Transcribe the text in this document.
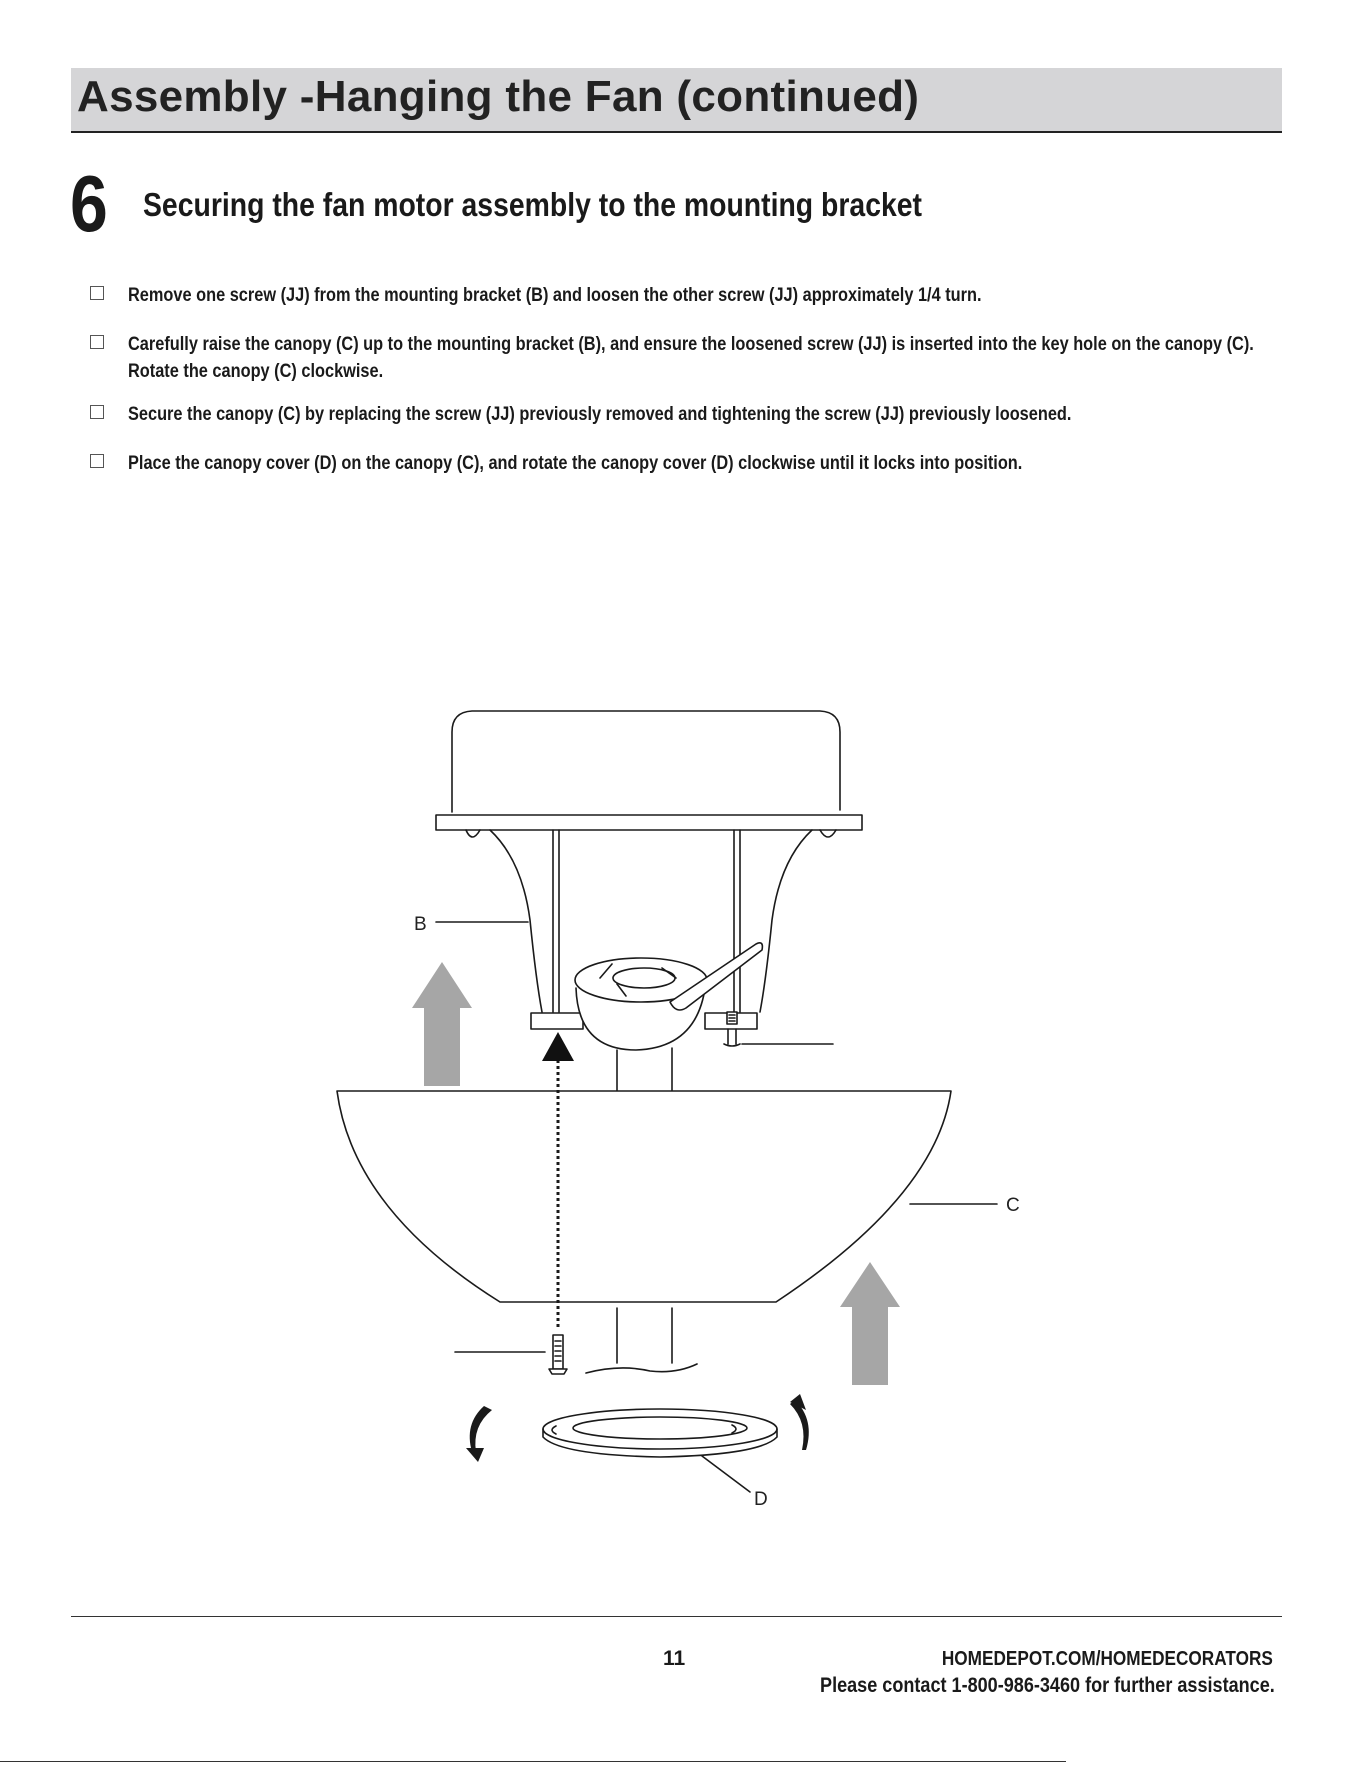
Assembly -Hanging the Fan (continued)
6 Securing the fan motor assembly to the mounting bracket
Remove one screw (JJ) from the mounting bracket (B) and loosen the other screw (JJ) approximately 1/4 turn.
Carefully raise the canopy (C) up to the mounting bracket (B), and ensure the loosened screw (JJ) is inserted into the key hole on the canopy (C). Rotate the canopy (C) clockwise.
Secure the canopy (C) by replacing the screw (JJ) previously removed and tightening the screw (JJ) previously loosened.
Place the canopy cover (D) on the canopy (C), and rotate the canopy cover (D) clockwise until it locks into position.
B
C
D
11	HOMEDEPOT.COM/HOMEDECORATORS
Please contact 1-800-986-3460 for further assistance.
